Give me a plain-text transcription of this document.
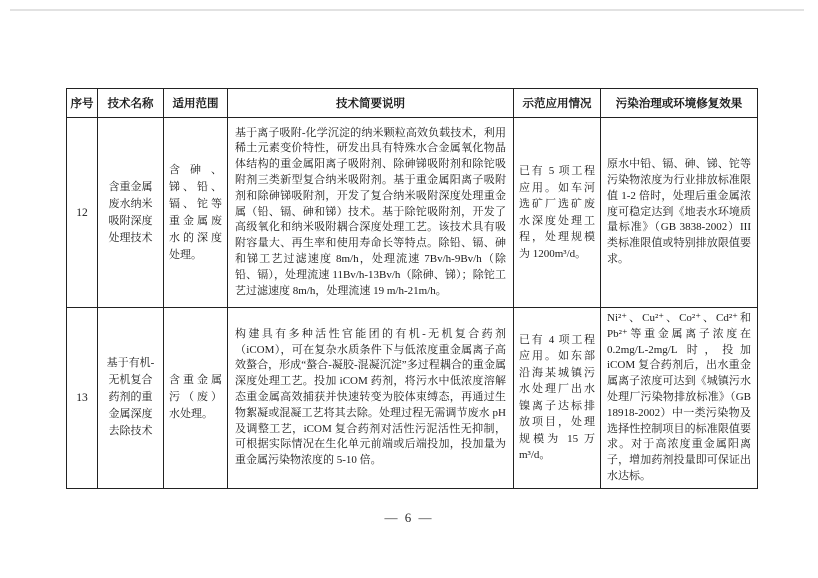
序号	技术名称	适用范围	技术简要说明	示范应用情况	污染治理或环境修复效果
12	含重金属废水纳米吸附深度处理技术	含砷、锑、铅、镉、铊等重金属废水的深度处理。	基于离子吸附-化学沉淀的纳米颗粒高效负载技术，利用稀土元素变价特性，研发出具有特殊水合金属氧化物晶体结构的重金属阳离子吸附剂、除砷锑吸附剂和除铊吸附剂三类新型复合纳米吸附剂。基于重金属阳离子吸附剂和除砷锑吸附剂，开发了复合纳米吸附深度处理重金属（铅、镉、砷和锑）技术。基于除铊吸附剂，开发了高级氧化和纳米吸附耦合深度处理工艺。该技术具有吸附容量大、再生率和使用寿命长等特点。除铅、镉、砷和锑工艺过滤速度 8m/h，处理流速 7Bv/h-9Bv/h（除铅、镉），处理流速 11Bv/h-13Bv/h（除砷、锑）；除铊工艺过滤速度 8m/h，处理流速 19 m/h-21m/h。	已有 5 项工程应用。如车河选矿厂选矿废水深度处理工程，处理规模为 1200m³/d。	原水中铅、镉、砷、锑、铊等污染物浓度为行业排放标准限值 1-2 倍时，处理后重金属浓度可稳定达到《地表水环境质量标准》（GB 3838-2002）III类标准限值或特别排放限值要求。
13	基于有机-无机复合药剂的重金属深度去除技术	含重金属污（废）水处理。	构建具有多种活性官能团的有机-无机复合药剂（iCOM），可在复杂水质条件下与低浓度重金属离子高效螯合，形成“螯合-凝胶-混凝沉淀”多过程耦合的重金属深度处理工艺。投加 iCOM 药剂，将污水中低浓度溶解态重金属高效捕获并快速转变为胶体束缚态，再通过生物絮凝或混凝工艺将其去除。处理过程无需调节废水 pH 及调整工艺，iCOM 复合药剂对活性污泥活性无抑制，可根据实际情况在生化单元前端或后端投加，投加量为重金属污染物浓度的 5-10 倍。	已有 4 项工程应用。如东部沿海某城镇污水处理厂出水镍离子达标排放项目，处理规模为 15 万m³/d。	Ni²⁺、Cu²⁺、Co²⁺、Cd²⁺和 Pb²⁺等重金属离子浓度在 0.2mg/L-2mg/L 时，投加 iCOM 复合药剂后，出水重金属离子浓度可达到《城镇污水处理厂污染物排放标准》（GB 18918-2002）中一类污染物及选择性控制项目的标准限值要求。对于高浓度重金属阳离子，增加药剂投量即可保证出水达标。
— 6 —
